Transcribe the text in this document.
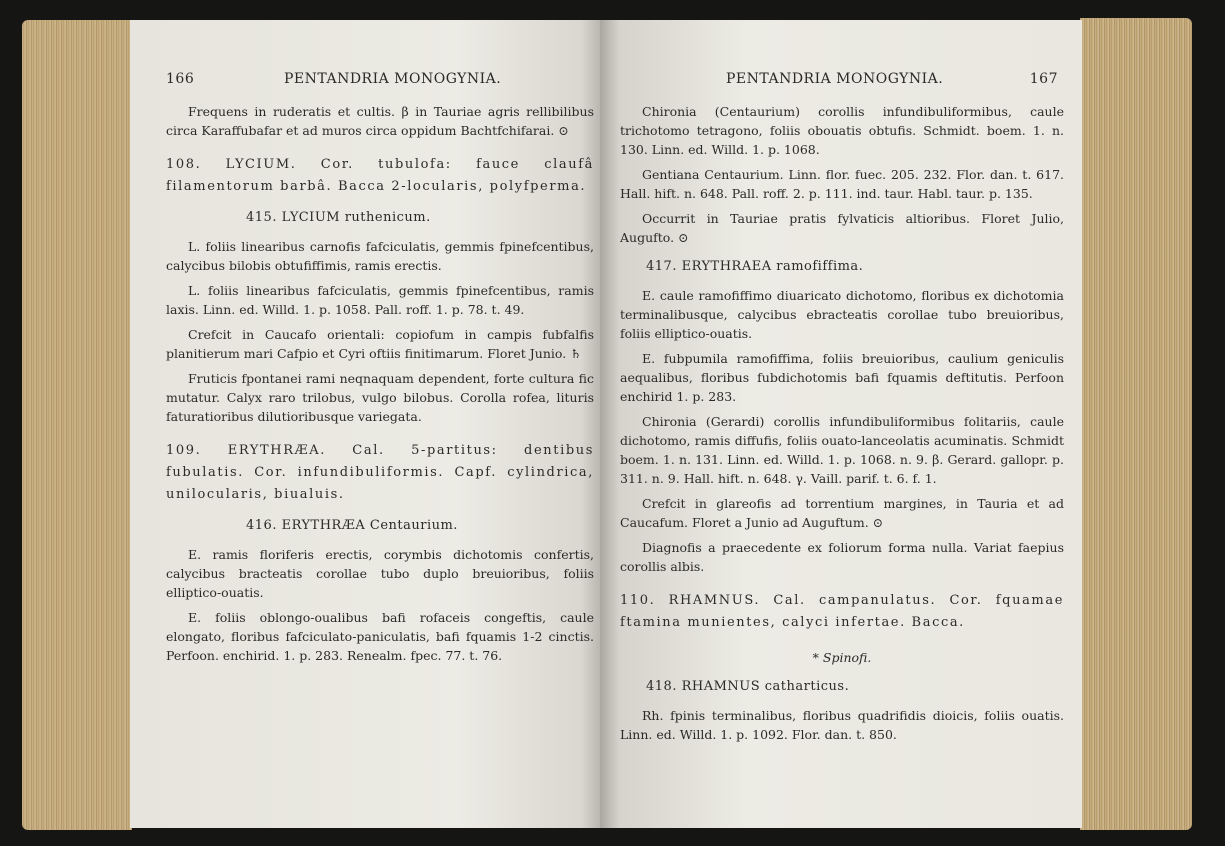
166	PENTANDRIA MONOGYNIA.

Frequens in ruderatis et cultis. β in Tauriae agris rellibilibus circa Karaffubafar et ad muros circa oppidum Bachtfchifarai. ⊙

108. LYCIUM. Cor. tubulofa: fauce claufâ filamentorum barbâ. Bacca 2-locularis, polyfperma.

415. LYCIUM ruthenicum.

L. foliis linearibus carnofis fafciculatis, gemmis fpinefcentibus, calycibus bilobis obtufiffimis, ramis erectis.

L. foliis linearibus fafciculatis, gemmis fpinefcentibus, ramis laxis. Linn. ed. Willd. 1. p. 1058. Pall. roff. 1. p. 78. t. 49.

Crefcit in Caucafo orientali: copiofum in campis fubfalfis planitierum mari Cafpio et Cyri oftiis finitimarum. Floret Junio. ♄

Fruticis fpontanei rami neqnaquam dependent, forte cultura fic mutatur. Calyx raro trilobus, vulgo bilobus. Corolla rofea, lituris faturatioribus dilutioribusque variegata.

109. ERYTHRÆA. Cal. 5-partitus: dentibus fubulatis. Cor. infundibuliformis. Capf. cylindrica, unilocularis, biualuis.

416. ERYTHRÆA Centaurium.

E. ramis floriferis erectis, corymbis dichotomis confertis, calycibus bracteatis corollae tubo duplo breuioribus, foliis elliptico-ouatis.

E. foliis oblongo-oualibus bafi rofaceis congeftis, caule elongato, floribus fafciculato-paniculatis, bafi fquamis 1-2 cinctis. Perfoon. enchirid. 1. p. 283. Renealm. fpec. 77. t. 76.

PENTANDRIA MONOGYNIA.	167

Chironia (Centaurium) corollis infundibuliformibus, caule trichotomo tetragono, foliis obouatis obtufis. Schmidt. boem. 1. n. 130. Linn. ed. Willd. 1. p. 1068.

Gentiana Centaurium. Linn. flor. fuec. 205. 232. Flor. dan. t. 617. Hall. hift. n. 648. Pall. roff. 2. p. 111. ind. taur. Habl. taur. p. 135.

Occurrit in Tauriae pratis fylvaticis altioribus. Floret Julio, Augufto. ⊙

417. ERYTHRAEA ramofiffima.

E. caule ramofiffimo diuaricato dichotomo, floribus ex dichotomia terminalibusque, calycibus ebracteatis corollae tubo breuioribus, foliis elliptico-ouatis.

E. fubpumila ramofiffima, foliis breuioribus, caulium geniculis aequalibus, floribus fubdichotomis bafi fquamis deftitutis. Perfoon enchirid 1. p. 283.

Chironia (Gerardi) corollis infundibuliformibus folitariis, caule dichotomo, ramis diffufis, foliis ouato-lanceolatis acuminatis. Schmidt boem. 1. n. 131. Linn. ed. Willd. 1. p. 1068. n. 9. β. Gerard. gallopr. p. 311. n. 9. Hall. hift. n. 648. γ. Vaill. parif. t. 6. f. 1.

Crefcit in glareofis ad torrentium margines, in Tauria et ad Caucafum. Floret a Junio ad Auguftum. ⊙

Diagnofis a praecedente ex foliorum forma nulla. Variat faepius corollis albis.

110. RHAMNUS. Cal. campanulatus. Cor. fquamae ftamina munientes, calyci infertae. Bacca.

* Spinofi.

418. RHAMNUS catharticus.

Rh. fpinis terminalibus, floribus quadrifidis dioicis, foliis ouatis. Linn. ed. Willd. 1. p. 1092. Flor. dan. t. 850.
